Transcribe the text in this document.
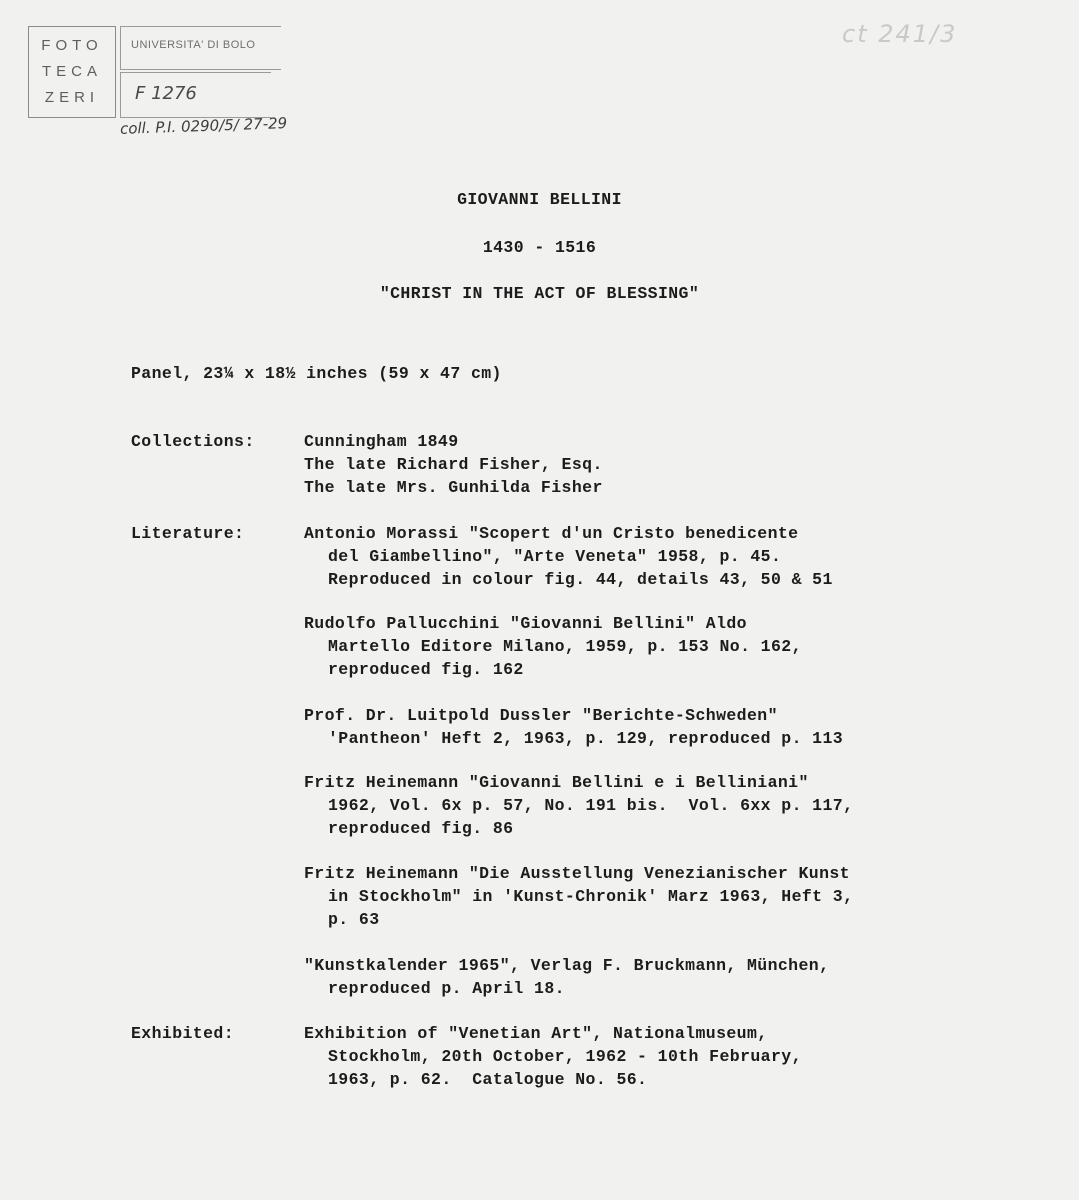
FOTO
TECA
ZERI
UNIVERSITA' DI BOLO
F 1276
coll. P.I. 0290/5/ 27-29
ct 241/3
GIOVANNI BELLINI
1430 - 1516
"CHRIST IN THE ACT OF BLESSING"
Panel, 23¼ x 18½ inches (59 x 47 cm)
Collections:	Cunningham 1849
The late Richard Fisher, Esq.
The late Mrs. Gunhilda Fisher
Literature:	Antonio Morassi "Scopert d'un Cristo benedicente
del Giambellino", "Arte Veneta" 1958, p. 45.
Reproduced in colour fig. 44, details 43, 50 & 51
Rudolfo Pallucchini "Giovanni Bellini" Aldo
Martello Editore Milano, 1959, p. 153 No. 162,
reproduced fig. 162
Prof. Dr. Luitpold Dussler "Berichte-Schweden"
'Pantheon' Heft 2, 1963, p. 129, reproduced p. 113
Fritz Heinemann "Giovanni Bellini e i Belliniani"
1962, Vol. 6x p. 57, No. 191 bis.  Vol. 6xx p. 117,
reproduced fig. 86
Fritz Heinemann "Die Ausstellung Venezianischer Kunst
in Stockholm" in 'Kunst-Chronik' Marz 1963, Heft 3,
p. 63
"Kunstkalender 1965", Verlag F. Bruckmann, München,
reproduced p. April 18.
Exhibited:	Exhibition of "Venetian Art", Nationalmuseum,
Stockholm, 20th October, 1962 - 10th February,
1963, p. 62.  Catalogue No. 56.
